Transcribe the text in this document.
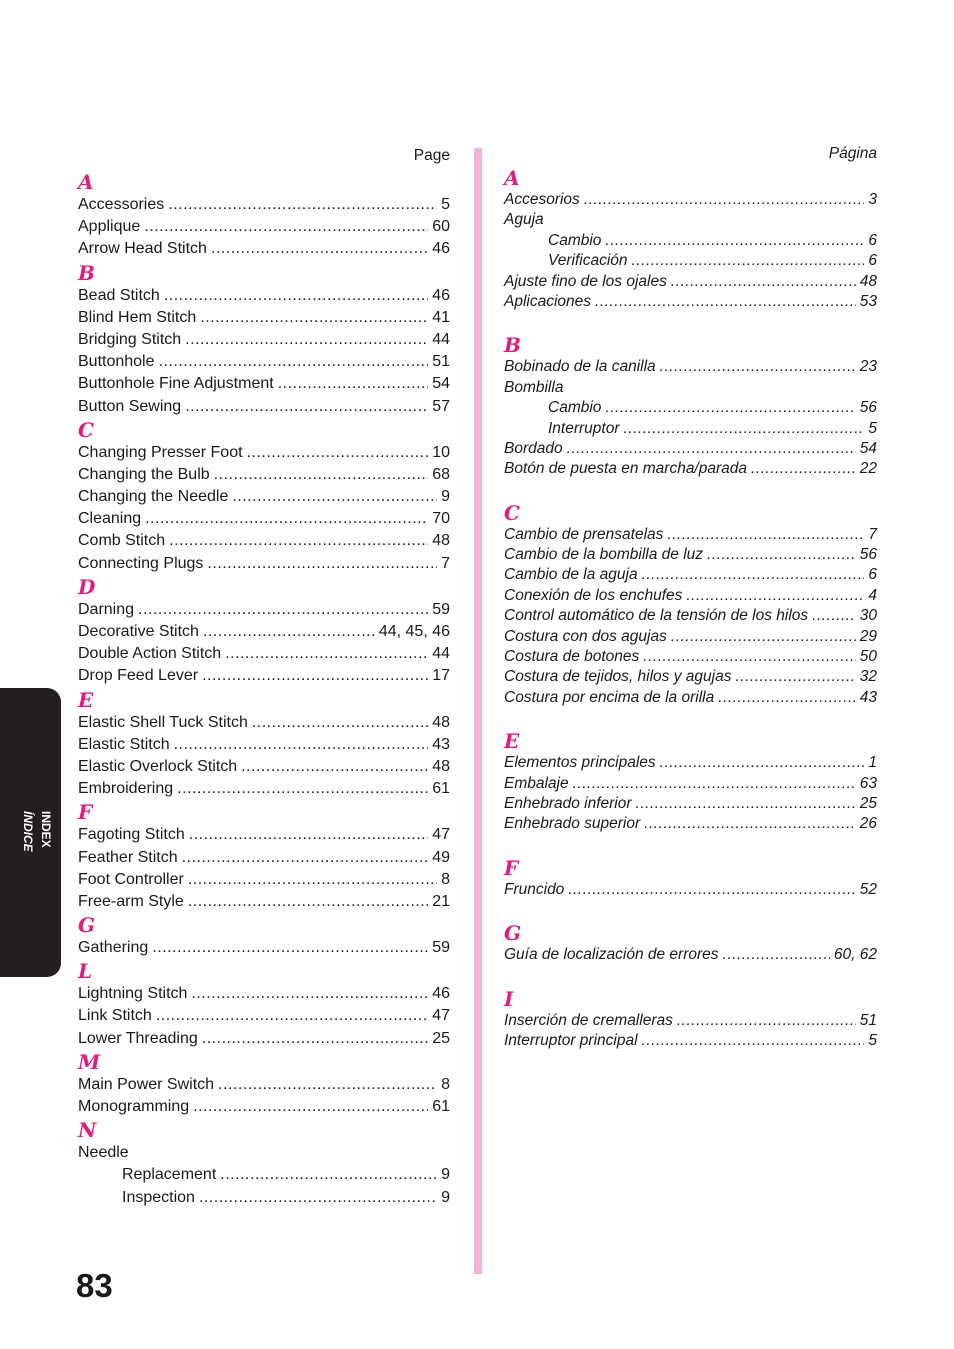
INDEX
ÍNDICE
Page
A
Accessories .....	5
Applique .....	60
Arrow Head Stitch .....	46
B
Bead Stitch .....	46
Blind Hem Stitch .....	41
Bridging Stitch .....	44
Buttonhole .....	51
Buttonhole Fine Adjustment .....	54
Button Sewing .....	57
C
Changing Presser Foot .....	10
Changing the Bulb .....	68
Changing the Needle .....	9
Cleaning .....	70
Comb Stitch .....	48
Connecting Plugs .....	7
D
Darning .....	59
Decorative Stitch .....	44, 45, 46
Double Action Stitch .....	44
Drop Feed Lever .....	17
E
Elastic Shell Tuck Stitch .....	48
Elastic Stitch .....	43
Elastic Overlock Stitch .....	48
Embroidering .....	61
F
Fagoting Stitch .....	47
Feather Stitch .....	49
Foot Controller .....	8
Free-arm Style .....	21
G
Gathering .....	59
L
Lightning Stitch .....	46
Link Stitch .....	47
Lower Threading .....	25
M
Main Power Switch .....	8
Monogramming .....	61
N
Needle
Replacement .....	9
Inspection .....	9
Página
A
Accesorios .....	3
Aguja
Cambio .....	6
Verificación .....	6
Ajuste fino de los ojales .....	48
Aplicaciones .....	53
B
Bobinado de la canilla .....	23
Bombilla
Cambio .....	56
Interruptor .....	5
Bordado .....	54
Botón de puesta en marcha/parada .....	22
C
Cambio de prensatelas .....	7
Cambio de la bombilla de luz .....	56
Cambio de la aguja .....	6
Conexión de los enchufes .....	4
Control automático de la tensión de los hilos .....	30
Costura con dos agujas .....	29
Costura de botones .....	50
Costura de tejidos, hilos y agujas .....	32
Costura por encima de la orilla .....	43
E
Elementos principales .....	1
Embalaje .....	63
Enhebrado inferior .....	25
Enhebrado superior .....	26
F
Fruncido .....	52
G
Guía de localización de errores .....	60, 62
I
Inserción de cremalleras .....	51
Interruptor principal .....	5
83
